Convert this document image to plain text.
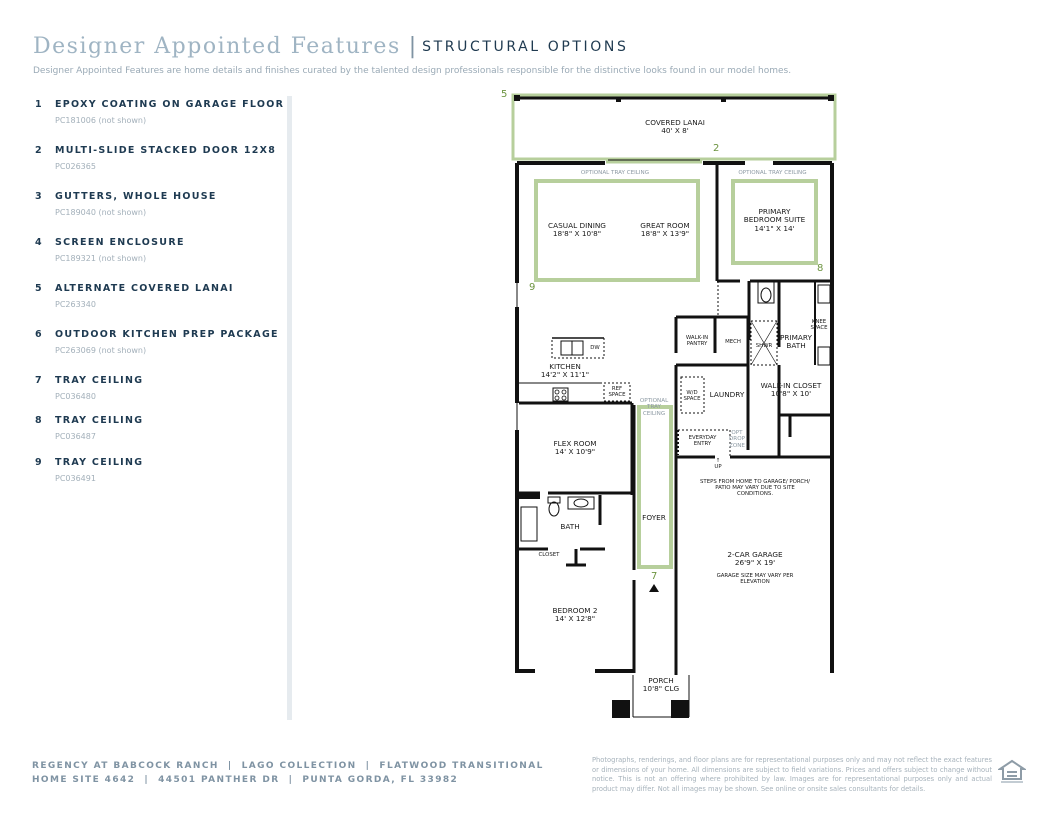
Designer Appointed Features | STRUCTURAL OPTIONS
Designer Appointed Features are home details and finishes curated by the talented design professionals responsible for the distinctive looks found in our model homes.
1 EPOXY COATING ON GARAGE FLOOR
PC181006 (not shown)
2 MULTI-SLIDE STACKED DOOR 12X8
PC026365
3 GUTTERS, WHOLE HOUSE
PC189040 (not shown)
4 SCREEN ENCLOSURE
PC189321 (not shown)
5 ALTERNATE COVERED LANAI
PC263340
6 OUTDOOR KITCHEN PREP PACKAGE
PC263069 (not shown)
7 TRAY CEILING
PC036480
8 TRAY CEILING
PC036487
9 TRAY CEILING
PC036491
5
2
8
9
7
COVERED LANAI
40' X 8'
OPTIONAL TRAY CEILING	OPTIONAL TRAY CEILING
CASUAL DINING
18'8" X 10'8"
GREAT ROOM
18'8" X 13'9"
PRIMARY
BEDROOM SUITE
14'1" X 14'
DW
KITCHEN
14'2" X 11'1"
REF
SPACE
WALK-IN
PANTRY	MECH
SHWR
PRIMARY
BATH
KNEE
SPACE
W/D
SPACE
LAUNDRY
WALK-IN CLOSET
10'8" X 10'
OPTIONAL
TRAY
CEILING
EVERYDAY
ENTRY
OPT
DROP
ZONE
↑
UP
STEPS FROM HOME TO GARAGE/ PORCH/
PATIO MAY VARY DUE TO SITE
CONDITIONS.
FLEX ROOM
14' X 10'9"
FOYER
BATH
CLOSET	2-CAR GARAGE
26'9" X 19'
GARAGE SIZE MAY VARY PER
ELEVATION
BEDROOM 2
14' X 12'8"
PORCH
10'8" CLG
REGENCY AT BABCOCK RANCH  |  LAGO COLLECTION  |  FLATWOOD TRANSITIONAL
HOME SITE 4642  |  44501 PANTHER DR  |  PUNTA GORDA, FL 33982
Photographs, renderings, and floor plans are for representational purposes only and may not reflect the exact features or dimensions of your home. All dimensions are subject to field variations. Prices and offers subject to change without notice. This is not an offering where prohibited by law. Images are for representational purposes only and actual product may differ. Not all images may be shown. See online or onsite sales consultants for details.
